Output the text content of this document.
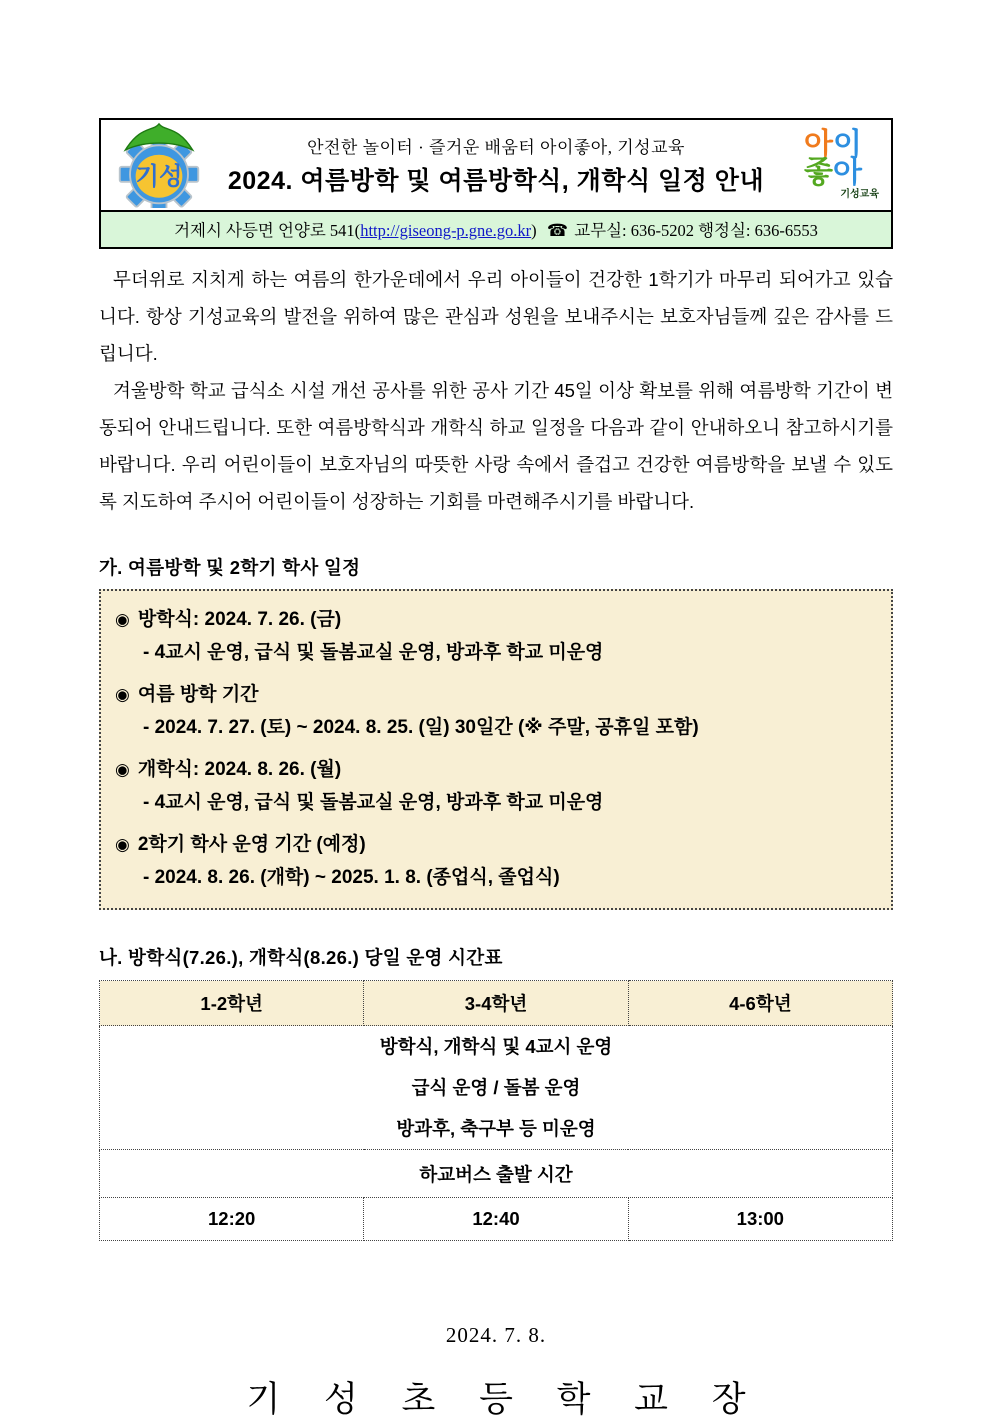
기성
안전한 놀이터 · 즐거운 배움터 아이좋아, 기성교육
2024. 여름방학 및 여름방학식, 개학식 일정 안내
아이
좋아
기성교육
거제시 사등면 언양로 541(http://giseong-p.gne.go.kr) ☎ 교무실: 636-5202 행정실: 636-6553

무더위로 지치게 하는 여름의 한가운데에서 우리 아이들이 건강한 1학기가 마무리 되어가고 있습니다. 항상 기성교육의 발전을 위하여 많은 관심과 성원을 보내주시는 보호자님들께 깊은 감사를 드립니다.

겨울방학 학교 급식소 시설 개선 공사를 위한 공사 기간 45일 이상 확보를 위해 여름방학 기간이 변동되어 안내드립니다. 또한 여름방학식과 개학식 하교 일정을 다음과 같이 안내하오니 참고하시기를 바랍니다. 우리 어린이들이 보호자님의 따뜻한 사랑 속에서 즐겁고 건강한 여름방학을 보낼 수 있도록 지도하여 주시어 어린이들이 성장하는 기회를 마련해주시기를 바랍니다.

가. 여름방학 및 2학기 학사 일정
◉ 방학식: 2024. 7. 26. (금)
- 4교시 운영, 급식 및 돌봄교실 운영, 방과후 학교 미운영
◉ 여름 방학 기간
- 2024. 7. 27. (토) ~ 2024. 8. 25. (일) 30일간 (※ 주말, 공휴일 포함)
◉ 개학식: 2024. 8. 26. (월)
- 4교시 운영, 급식 및 돌봄교실 운영, 방과후 학교 미운영
◉ 2학기 학사 운영 기간 (예정)
- 2024. 8. 26. (개학) ~ 2025. 1. 8. (종업식, 졸업식)
나. 방학식(7.26.), 개학식(8.26.) 당일 운영 시간표
1-2학년	3-4학년	4-6학년

방학식, 개학식 및 4교시 운영
급식 운영 / 돌봄 운영
방과후, 축구부 등 미운영		

하교버스 출발 시간		
12:20	12:40	13:00
2024. 7. 8.
기 성 초 등 학 교 장
